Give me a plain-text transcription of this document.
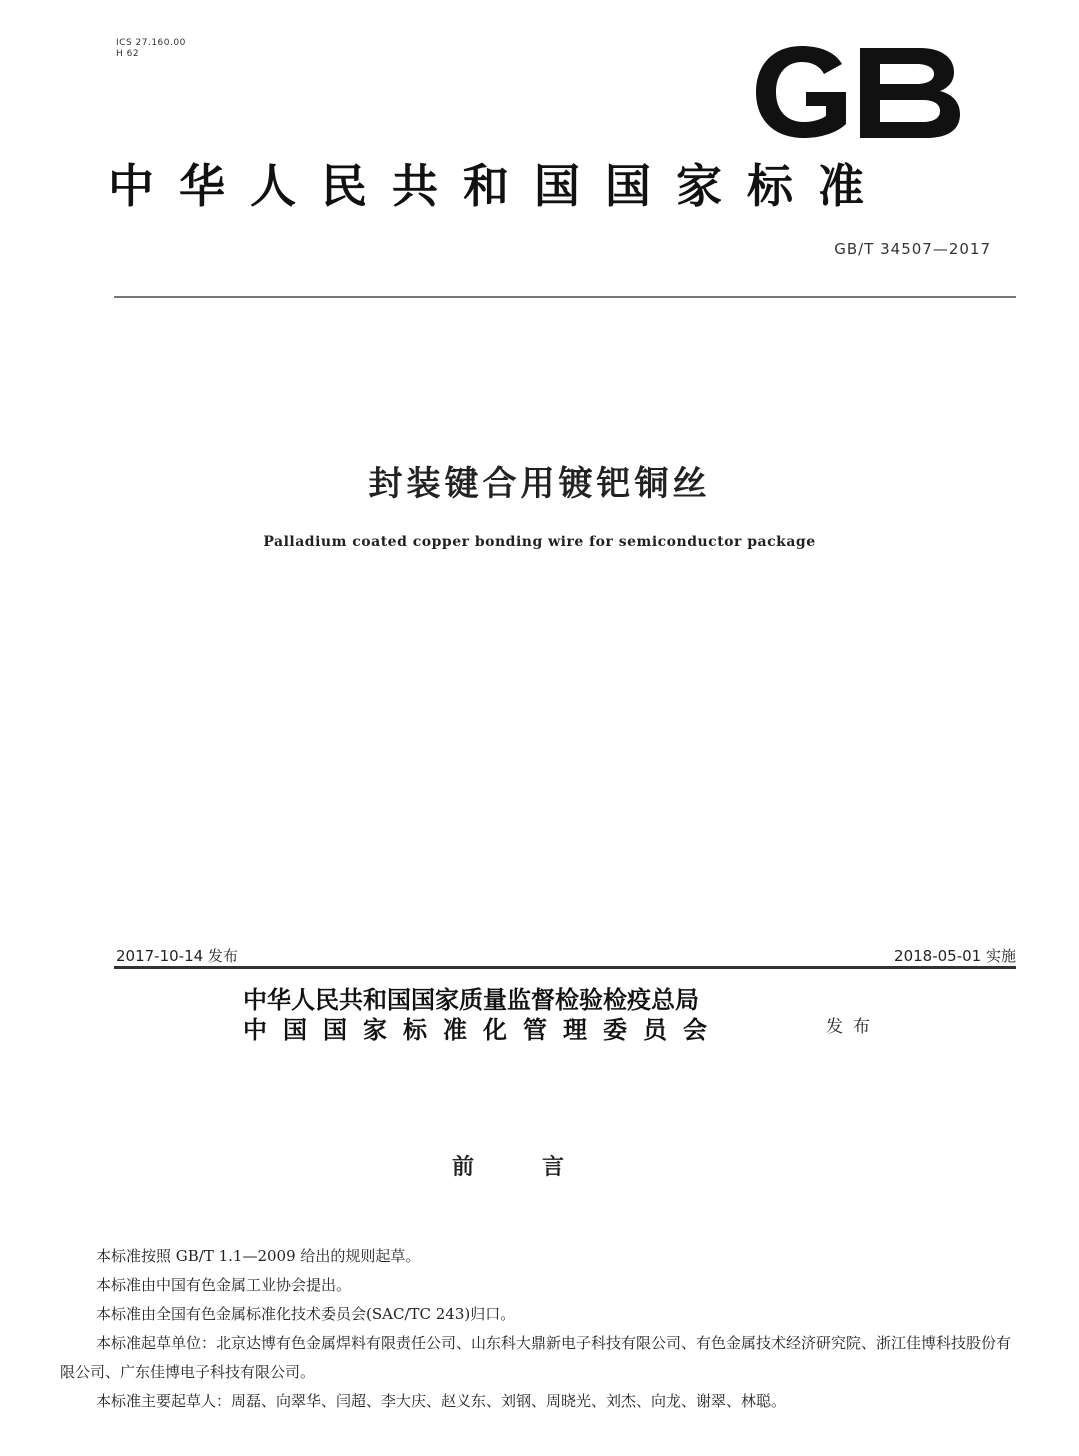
ICS 27.160.00
H 62
GB
中华人民共和国国家标准
GB/T 34507—2017
封装键合用镀钯铜丝
Palladium coated copper bonding wire for semiconductor package
2017-10-14 发布	2018-05-01 实施
中华人民共和国国家质量监督检验检疫总局
中国国家标准化管理委员会	发布
前言

本标准按照 GB/T 1.1—2009 给出的规则起草。

本标准由中国有色金属工业协会提出。

本标准由全国有色金属标准化技术委员会(SAC/TC 243)归口。

本标准起草单位：北京达博有色金属焊料有限责任公司、山东科大鼎新电子科技有限公司、有色金属技术经济研究院、浙江佳博科技股份有限公司、广东佳博电子科技有限公司。

本标准主要起草人：周磊、向翠华、闫超、李大庆、赵义东、刘钢、周晓光、刘杰、向龙、谢翠、林聪。
